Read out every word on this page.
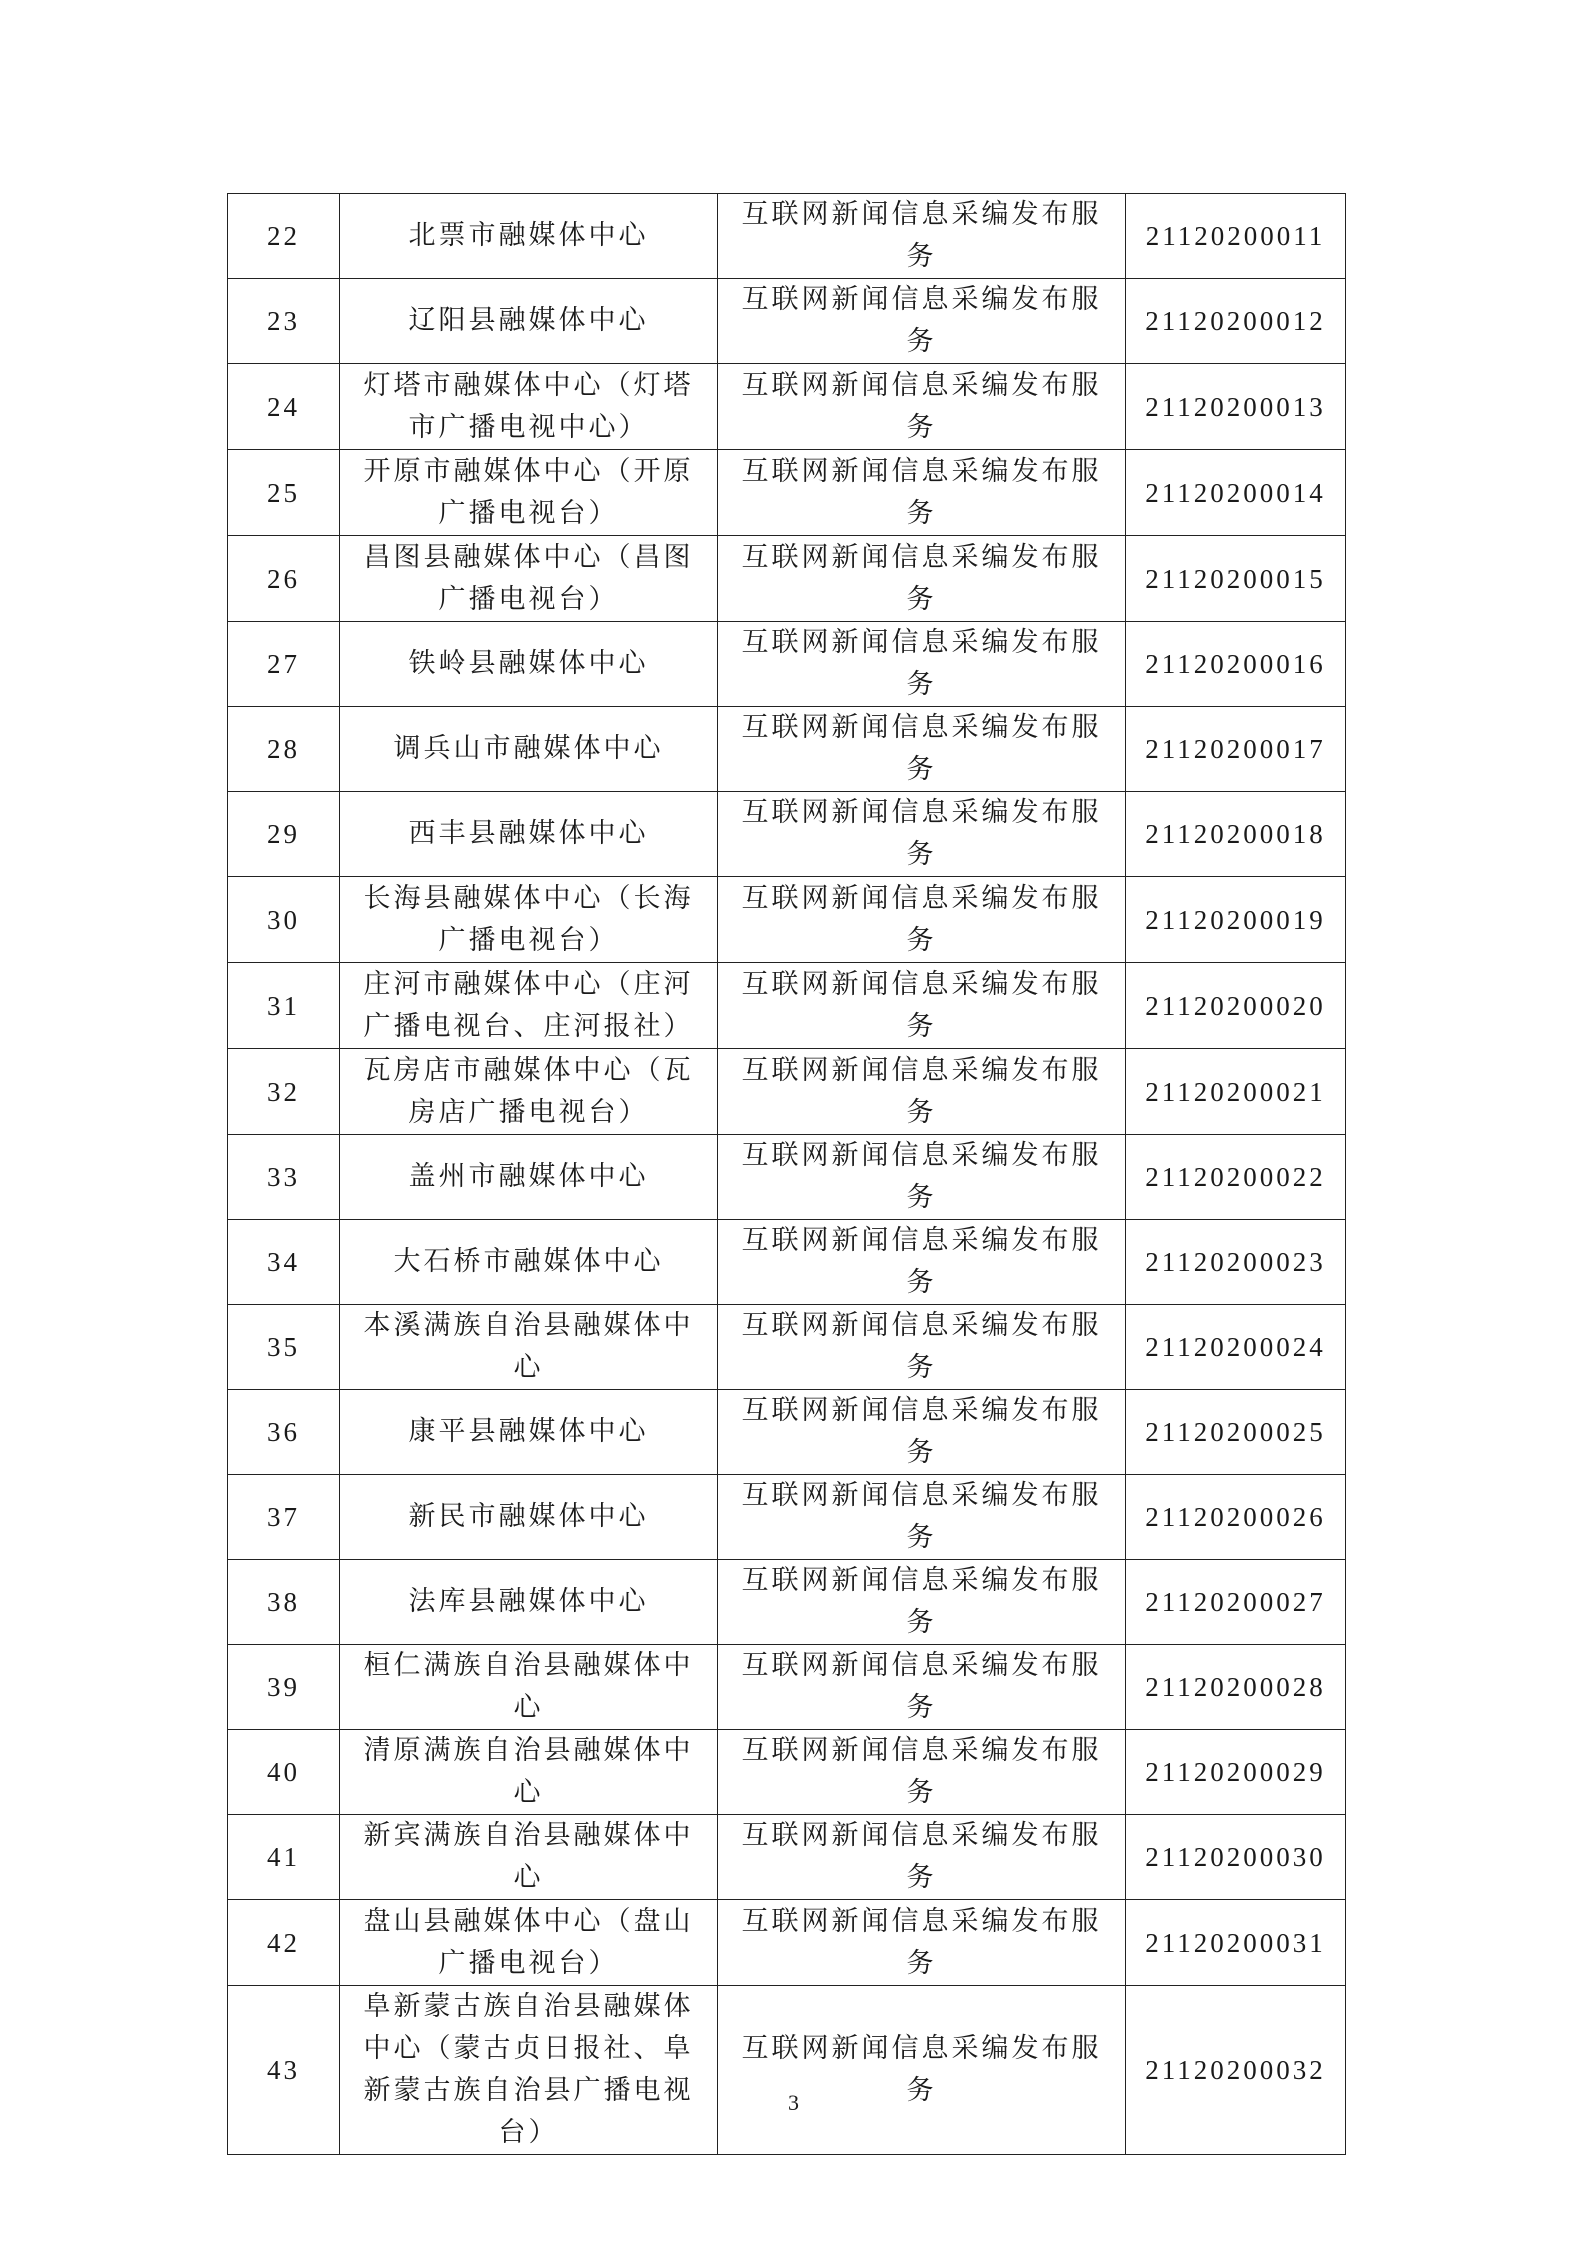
22	北票市融媒体中心	互联网新闻信息采编发布服务	21120200011
23	辽阳县融媒体中心	互联网新闻信息采编发布服务	21120200012
24	灯塔市融媒体中心（灯塔市广播电视中心）	互联网新闻信息采编发布服务	21120200013
25	开原市融媒体中心（开原广播电视台）	互联网新闻信息采编发布服务	21120200014
26	昌图县融媒体中心（昌图广播电视台）	互联网新闻信息采编发布服务	21120200015
27	铁岭县融媒体中心	互联网新闻信息采编发布服务	21120200016
28	调兵山市融媒体中心	互联网新闻信息采编发布服务	21120200017
29	西丰县融媒体中心	互联网新闻信息采编发布服务	21120200018
30	长海县融媒体中心（长海广播电视台）	互联网新闻信息采编发布服务	21120200019
31	庄河市融媒体中心（庄河广播电视台、庄河报社）	互联网新闻信息采编发布服务	21120200020
32	瓦房店市融媒体中心（瓦房店广播电视台）	互联网新闻信息采编发布服务	21120200021
33	盖州市融媒体中心	互联网新闻信息采编发布服务	21120200022
34	大石桥市融媒体中心	互联网新闻信息采编发布服务	21120200023
35	本溪满族自治县融媒体中心	互联网新闻信息采编发布服务	21120200024
36	康平县融媒体中心	互联网新闻信息采编发布服务	21120200025
37	新民市融媒体中心	互联网新闻信息采编发布服务	21120200026
38	法库县融媒体中心	互联网新闻信息采编发布服务	21120200027
39	桓仁满族自治县融媒体中心	互联网新闻信息采编发布服务	21120200028
40	清原满族自治县融媒体中心	互联网新闻信息采编发布服务	21120200029
41	新宾满族自治县融媒体中心	互联网新闻信息采编发布服务	21120200030
42	盘山县融媒体中心（盘山广播电视台）	互联网新闻信息采编发布服务	21120200031
43	阜新蒙古族自治县融媒体中心（蒙古贞日报社、阜新蒙古族自治县广播电视台）	互联网新闻信息采编发布服务	21120200032
3
